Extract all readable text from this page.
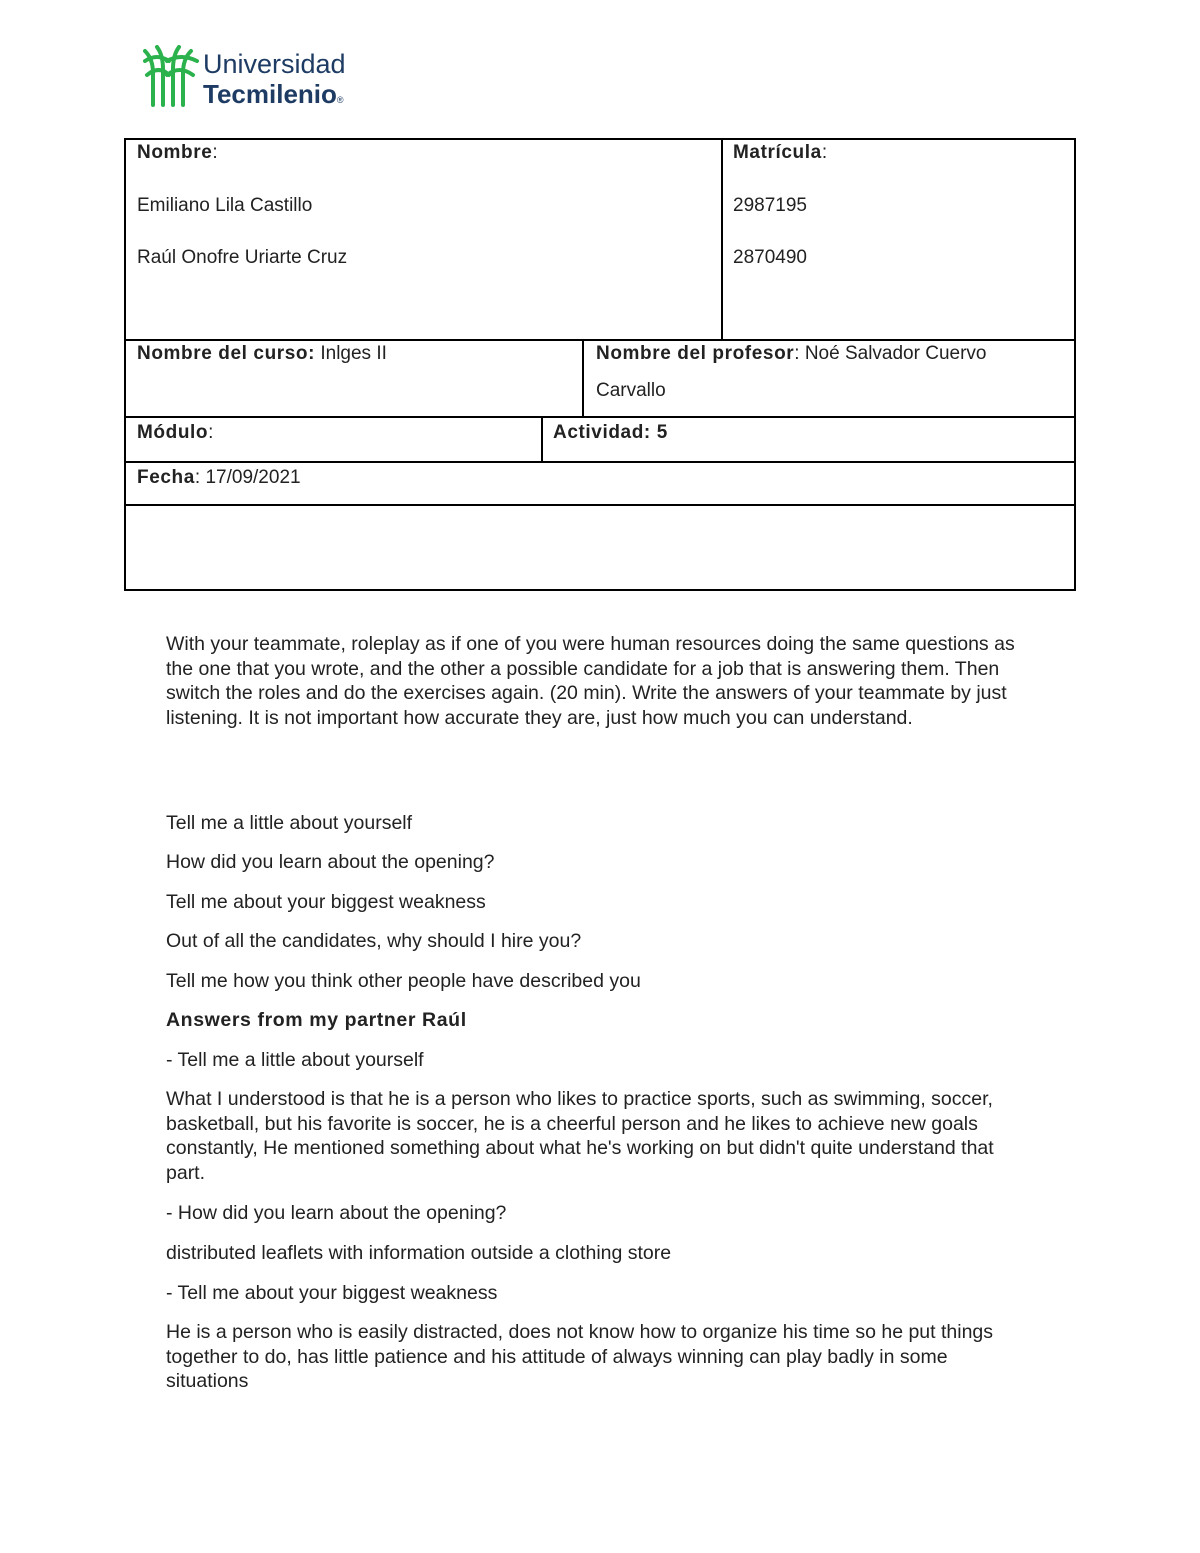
Universidad
Tecmilenio®
Nombre:
Emiliano Lila Castillo
Raúl Onofre Uriarte Cruz
Matrícula:
2987195
2870490
Nombre del curso: Inlges II	Nombre del profesor: Noé Salvador Cuervo
Carvallo
Módulo:	Actividad: 5
Fecha: 17/09/2021
With your teammate, roleplay as if one of you were human resources doing the same questions as the one that you wrote, and the other a possible candidate for a job that is answering them. Then switch the roles and do the exercises again. (20 min). Write the answers of your teammate by just listening. It is not important how accurate they are, just how much you can understand.
Tell me a little about yourself
How did you learn about the opening?
Tell me about your biggest weakness
Out of all the candidates, why should I hire you?
Tell me how you think other people have described you
Answers from my partner Raúl
- Tell me a little about yourself
What I understood is that he is a person who likes to practice sports, such as swimming, soccer, basketball, but his favorite is soccer, he is a cheerful person and he likes to achieve new goals constantly, He mentioned something about what he's working on but didn't quite understand that part.
- How did you learn about the opening?
distributed leaflets with information outside a clothing store
- Tell me about your biggest weakness
He is a person who is easily distracted, does not know how to organize his time so he put things together to do, has little patience and his attitude of always winning can play badly in some situations
